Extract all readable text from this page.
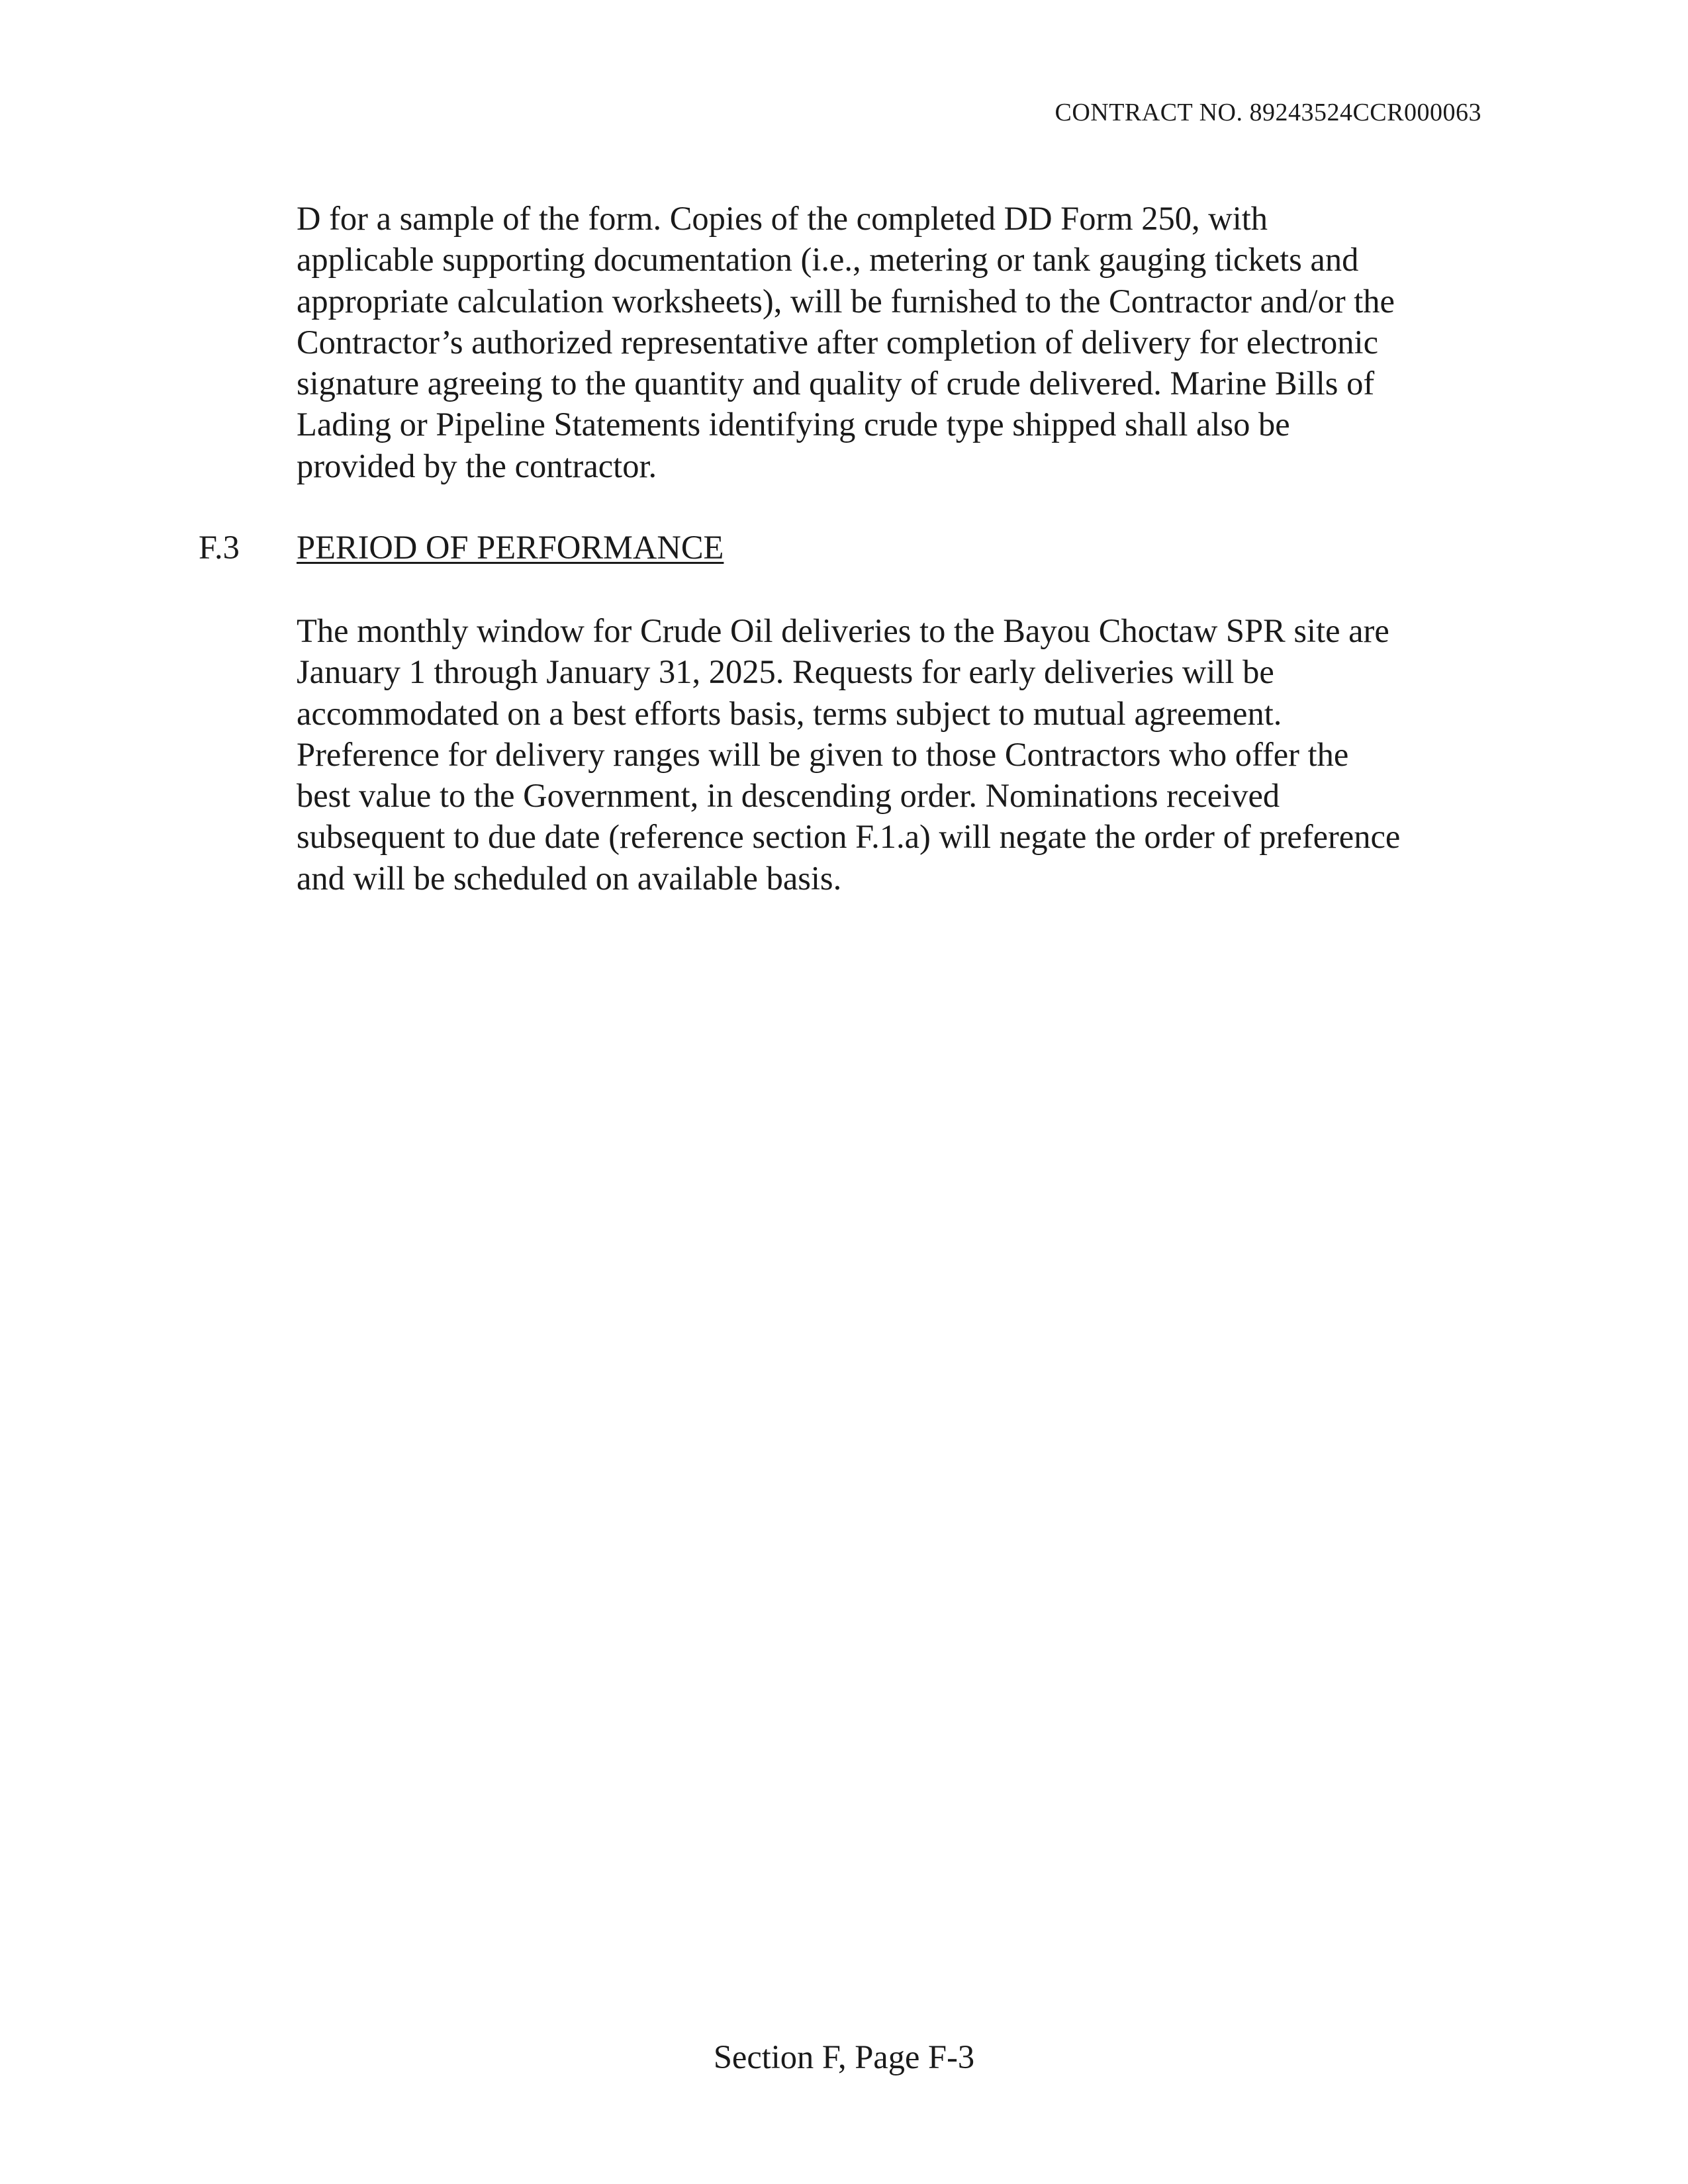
CONTRACT NO. 89243524CCR000063

D for a sample of the form. Copies of the completed DD Form 250, with
applicable supporting documentation (i.e., metering or tank gauging tickets and
appropriate calculation worksheets), will be furnished to the Contractor and/or the
Contractor’s authorized representative after completion of delivery for electronic
signature agreeing to the quantity and quality of crude delivered. Marine Bills of
Lading or Pipeline Statements identifying crude type shipped shall also be
provided by the contractor.

F.3 PERIOD OF PERFORMANCE

The monthly window for Crude Oil deliveries to the Bayou Choctaw SPR site are
January 1 through January 31, 2025. Requests for early deliveries will be
accommodated on a best efforts basis, terms subject to mutual agreement.
Preference for delivery ranges will be given to those Contractors who offer the
best value to the Government, in descending order. Nominations received
subsequent to due date (reference section F.1.a) will negate the order of preference
and will be scheduled on available basis.

Section F, Page F-3
